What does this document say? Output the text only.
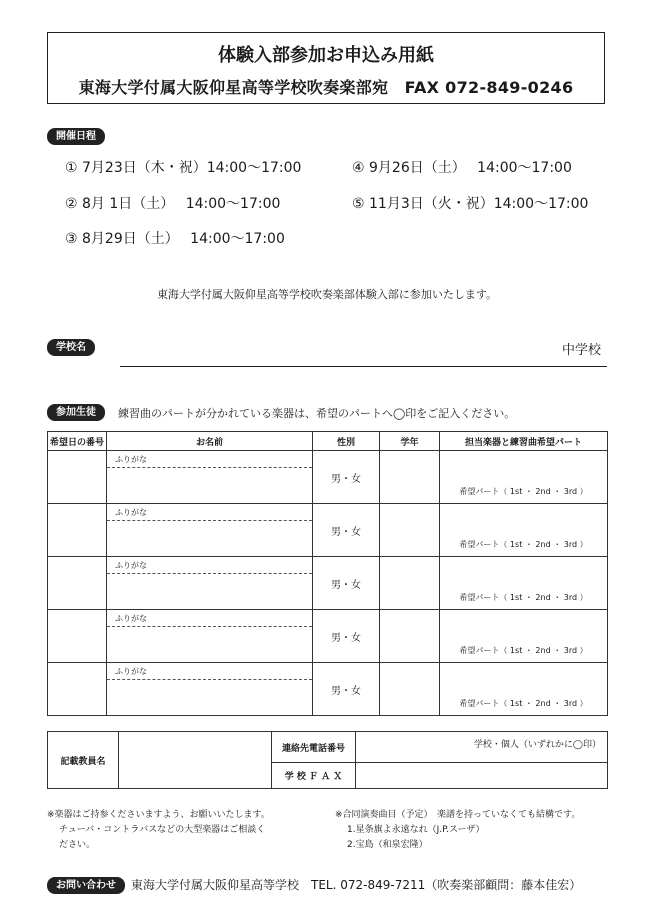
体験入部参加お申込み用紙
東海大学付属大阪仰星高等学校吹奏楽部宛　FAX 072-849-0246
開催日程
① 7月23日（木・祝）14:00～17:00
② 8月 1日（土）　 14:00～17:00
③ 8月29日（土）　 14:00～17:00
④ 9月26日（土）　 14:00～17:00
⑤ 11月3日（火・祝）14:00～17:00
東海大学付属大阪仰星高等学校吹奏楽部体験入部に参加いたします。
学校名	中学校
参加生徒	練習曲のパートが分かれている楽器は、希望のパートへ◯印をご記入ください。
希望日の番号	お名前	性別	学年	担当楽器と練習曲希望パート

	ふりがな	男・女		希望パート（ 1st ・ 2nd ・ 3rd ）

	ふりがな	男・女		希望パート（ 1st ・ 2nd ・ 3rd ）

	ふりがな	男・女		希望パート（ 1st ・ 2nd ・ 3rd ）

	ふりがな	男・女		希望パート（ 1st ・ 2nd ・ 3rd ）

	ふりがな	男・女		希望パート（ 1st ・ 2nd ・ 3rd ）
記載教員名		連絡先電話番号	学校・個人（いずれかに◯印）
		学 校 Ｆ Ａ Ｘ	
※楽器はご持参くださいますよう、お願いいたします。
チューバ・コントラバスなどの大型楽器はご相談く
ださい。
※合同演奏曲目（予定）　楽譜を持っていなくても結構です。
1.星条旗よ永遠なれ（J.P.スーザ）
2.宝島（和泉宏隆）
お問い合わせ	東海大学付属大阪仰星高等学校　TEL. 072-849-7211（吹奏楽部顧問：藤本佳宏）
